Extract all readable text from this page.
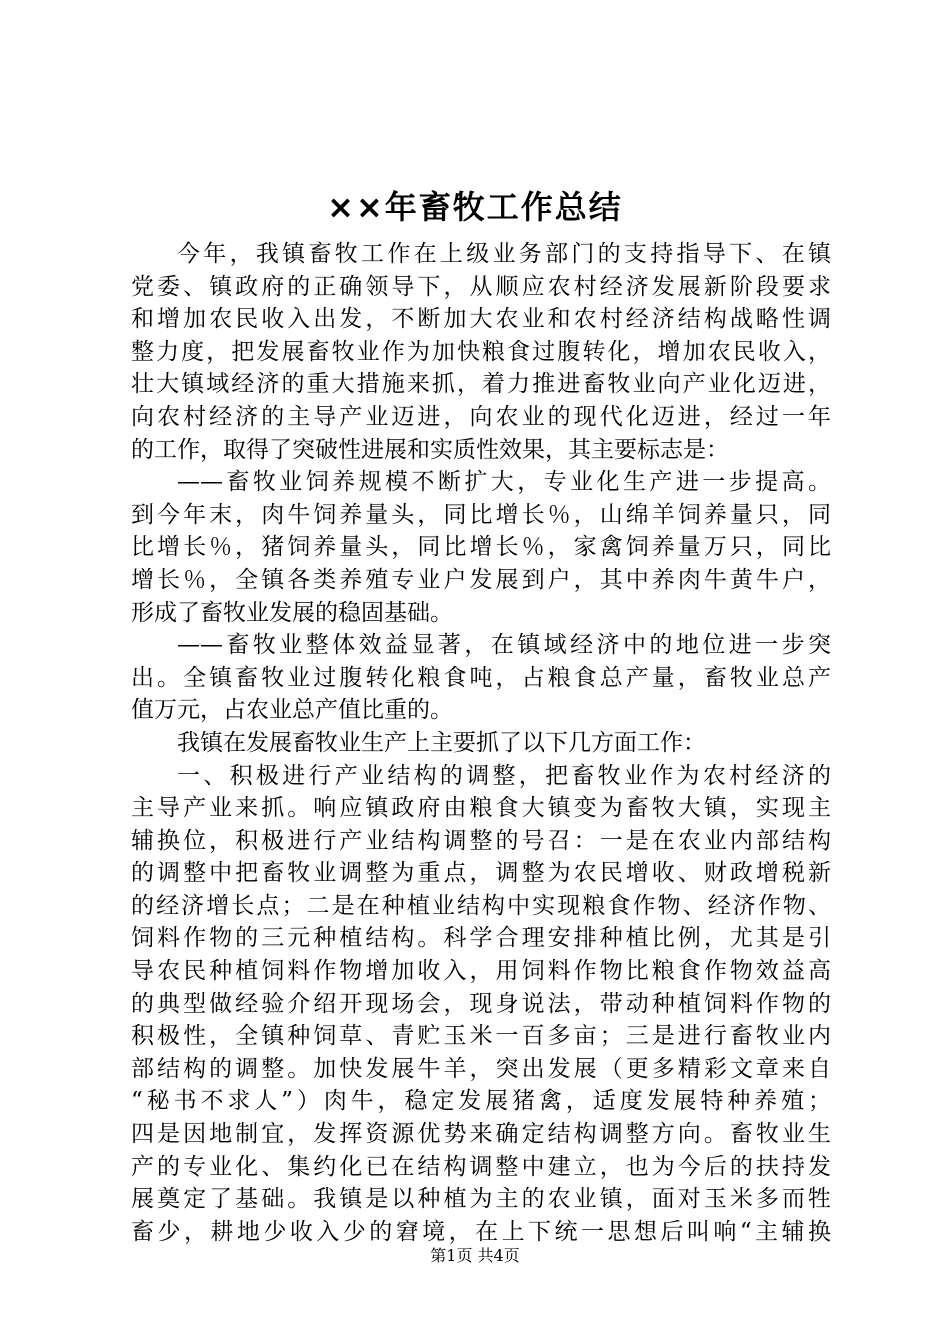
××年畜牧工作总结
今年，我镇畜牧工作在上级业务部门的支持指导下、在镇
党委、镇政府的正确领导下，从顺应农村经济发展新阶段要求
和增加农民收入出发，不断加大农业和农村经济结构战略性调
整力度，把发展畜牧业作为加快粮食过腹转化，增加农民收入，
壮大镇域经济的重大措施来抓，着力推进畜牧业向产业化迈进，
向农村经济的主导产业迈进，向农业的现代化迈进，经过一年
的工作，取得了突破性进展和实质性效果，其主要标志是：
——畜牧业饲养规模不断扩大，专业化生产进一步提高。
到今年末，肉牛饲养量头，同比增长％，山绵羊饲养量只，同
比增长％，猪饲养量头，同比增长％，家禽饲养量万只，同比
增长％，全镇各类养殖专业户发展到户，其中养肉牛黄牛户，
形成了畜牧业发展的稳固基础。
——畜牧业整体效益显著，在镇域经济中的地位进一步突
出。全镇畜牧业过腹转化粮食吨，占粮食总产量，畜牧业总产
值万元，占农业总产值比重的。
我镇在发展畜牧业生产上主要抓了以下几方面工作：
一、积极进行产业结构的调整，把畜牧业作为农村经济的
主导产业来抓。响应镇政府由粮食大镇变为畜牧大镇，实现主
辅换位，积极进行产业结构调整的号召：一是在农业内部结构
的调整中把畜牧业调整为重点，调整为农民增收、财政增税新
的经济增长点；二是在种植业结构中实现粮食作物、经济作物、
饲料作物的三元种植结构。科学合理安排种植比例，尤其是引
导农民种植饲料作物增加收入，用饲料作物比粮食作物效益高
的典型做经验介绍开现场会，现身说法，带动种植饲料作物的
积极性，全镇种饲草、青贮玉米一百多亩；三是进行畜牧业内
部结构的调整。加快发展牛羊，突出发展（更多精彩文章来自
“秘书不求人”）肉牛，稳定发展猪禽，适度发展特种养殖；
四是因地制宜，发挥资源优势来确定结构调整方向。畜牧业生
产的专业化、集约化已在结构调整中建立，也为今后的扶持发
展奠定了基础。我镇是以种植为主的农业镇，面对玉米多而牲
畜少，耕地少收入少的窘境，在上下统一思想后叫响“主辅换
第1页 共4页
